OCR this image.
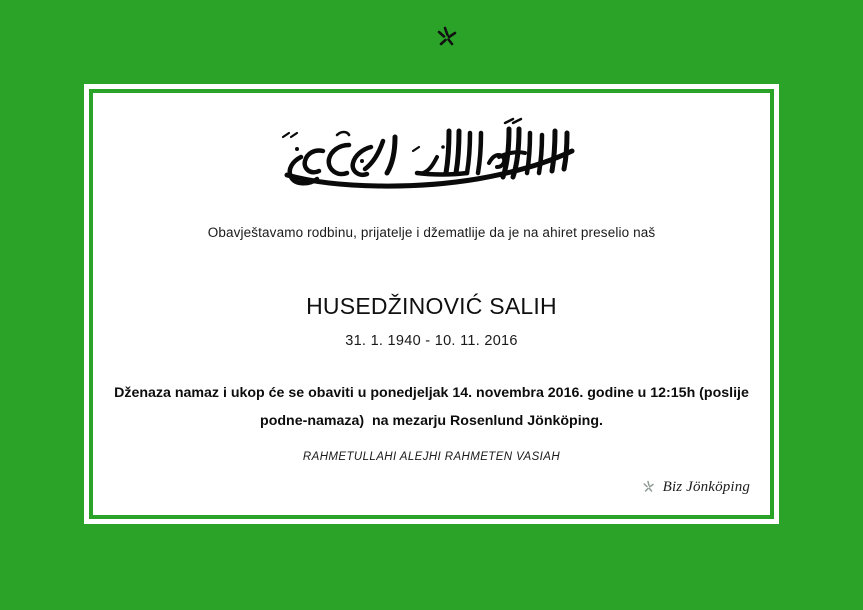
Obavještavamo rodbinu, prijatelje i džematlije da je na ahiret preselio naš
HUSEDŽINOVIĆ SALIH
31. 1. 1940 - 10. 11. 2016
Dženaza namaz i ukop će se obaviti u ponedjeljak 14. novembra 2016. godine u 12:15h (poslije podne-namaza)  na mezarju Rosenlund Jönköping.
RAHMETULLAHI ALEJHI RAHMETEN VASIAH
Biz Jönköping
